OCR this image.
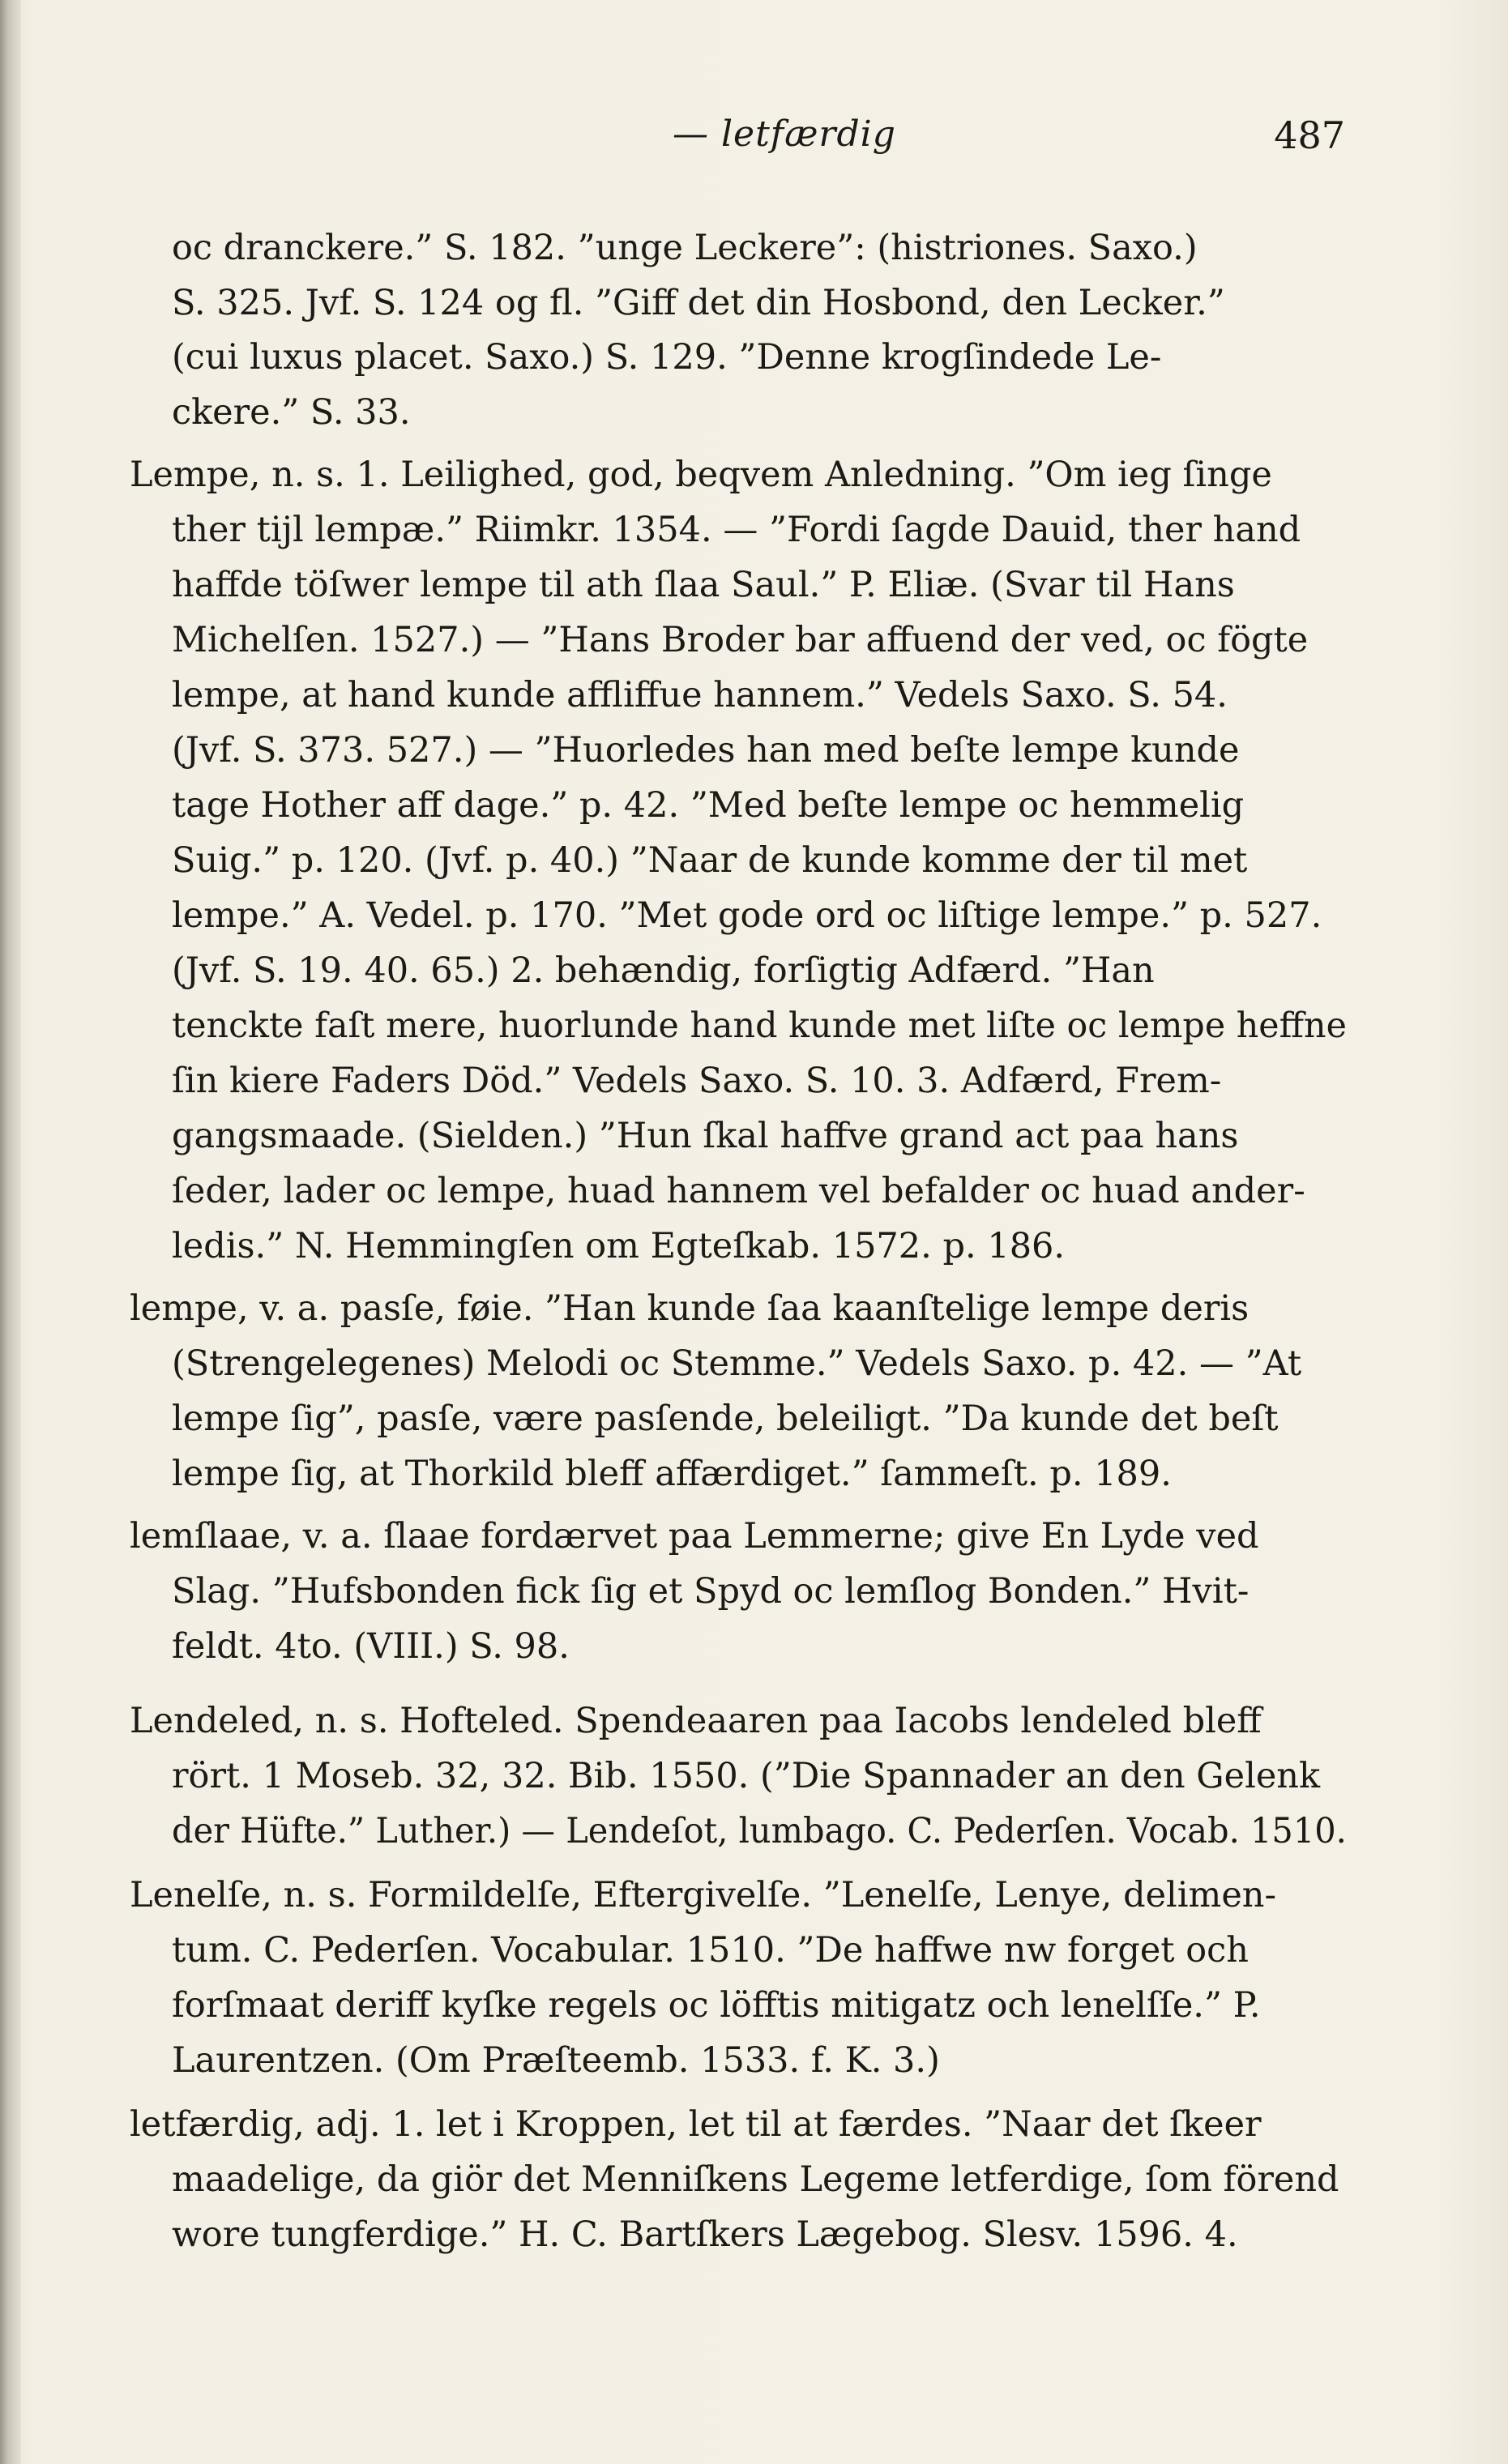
— letfærdig	487
oc dranckere.” S. 182. ”unge Leckere”: (histriones. Saxo.)
S. 325. Jvf. S. 124 og fl. ”Giff det din Hosbond, den Lecker.”
(cui luxus placet. Saxo.) S. 129. ”Denne krogſindede Le-
ckere.” S. 33.
Lempe, n. s. 1. Leilighed, god, beqvem Anledning. ”Om ieg ſinge
ther tijl lempæ.” Riimkr. 1354. — ”Fordi ſagde Dauid, ther hand
haffde töſwer lempe til ath ſlaa Saul.” P. Eliæ. (Svar til Hans
Michelſen. 1527.) — ”Hans Broder bar affuend der ved, oc fögte
lempe, at hand kunde affliffue hannem.” Vedels Saxo. S. 54.
(Jvf. S. 373. 527.) — ”Huorledes han med beſte lempe kunde
tage Hother aff dage.” p. 42. ”Med beſte lempe oc hemmelig
Suig.” p. 120. (Jvf. p. 40.) ”Naar de kunde komme der til met
lempe.” A. Vedel. p. 170. ”Met gode ord oc liſtige lempe.” p. 527.
(Jvf. S. 19. 40. 65.) 2. behændig, forſigtig Adfærd. ”Han
tenckte faſt mere, huorlunde hand kunde met liſte oc lempe heffne
ſin kiere Faders Död.” Vedels Saxo. S. 10. 3. Adfærd, Frem-
gangsmaade. (Sielden.) ”Hun ſkal haffve grand act paa hans
ſeder, lader oc lempe, huad hannem vel befalder oc huad ander-
ledis.” N. Hemmingſen om Egteſkab. 1572. p. 186.
lempe, v. a. pasſe, føie. ”Han kunde ſaa kaanſtelige lempe deris
(Strengelegenes) Melodi oc Stemme.” Vedels Saxo. p. 42. — ”At
lempe ſig”, pasſe, være pasſende, beleiligt. ”Da kunde det beſt
lempe ſig, at Thorkild bleff affærdiget.” ſammeſt. p. 189.
lemſlaae, v. a. ſlaae fordærvet paa Lemmerne; give En Lyde ved
Slag. ”Hufsbonden fick ſig et Spyd oc lemſlog Bonden.” Hvit-
feldt. 4to. (VIII.) S. 98.
Lendeled, n. s. Hofteled. Spendeaaren paa Iacobs lendeled bleff
rört. 1 Moseb. 32, 32. Bib. 1550. (”Die Spannader an den Gelenk
der Hüfte.” Luther.) — Lendeſot, lumbago. C. Pederſen. Vocab. 1510.
Lenelſe, n. s. Formildelſe, Eftergivelſe. ”Lenelſe, Lenye, delimen-
tum. C. Pederſen. Vocabular. 1510. ”De haffwe nw forget och
forſmaat deriff kyſke regels oc löfftis mitigatz och lenelſſe.” P.
Laurentzen. (Om Præſteemb. 1533. f. K. 3.)
letfærdig, adj. 1. let i Kroppen, let til at færdes. ”Naar det ſkeer
maadelige, da giör det Menniſkens Legeme letferdige, ſom förend
wore tungferdige.” H. C. Bartſkers Lægebog. Slesv. 1596. 4.
